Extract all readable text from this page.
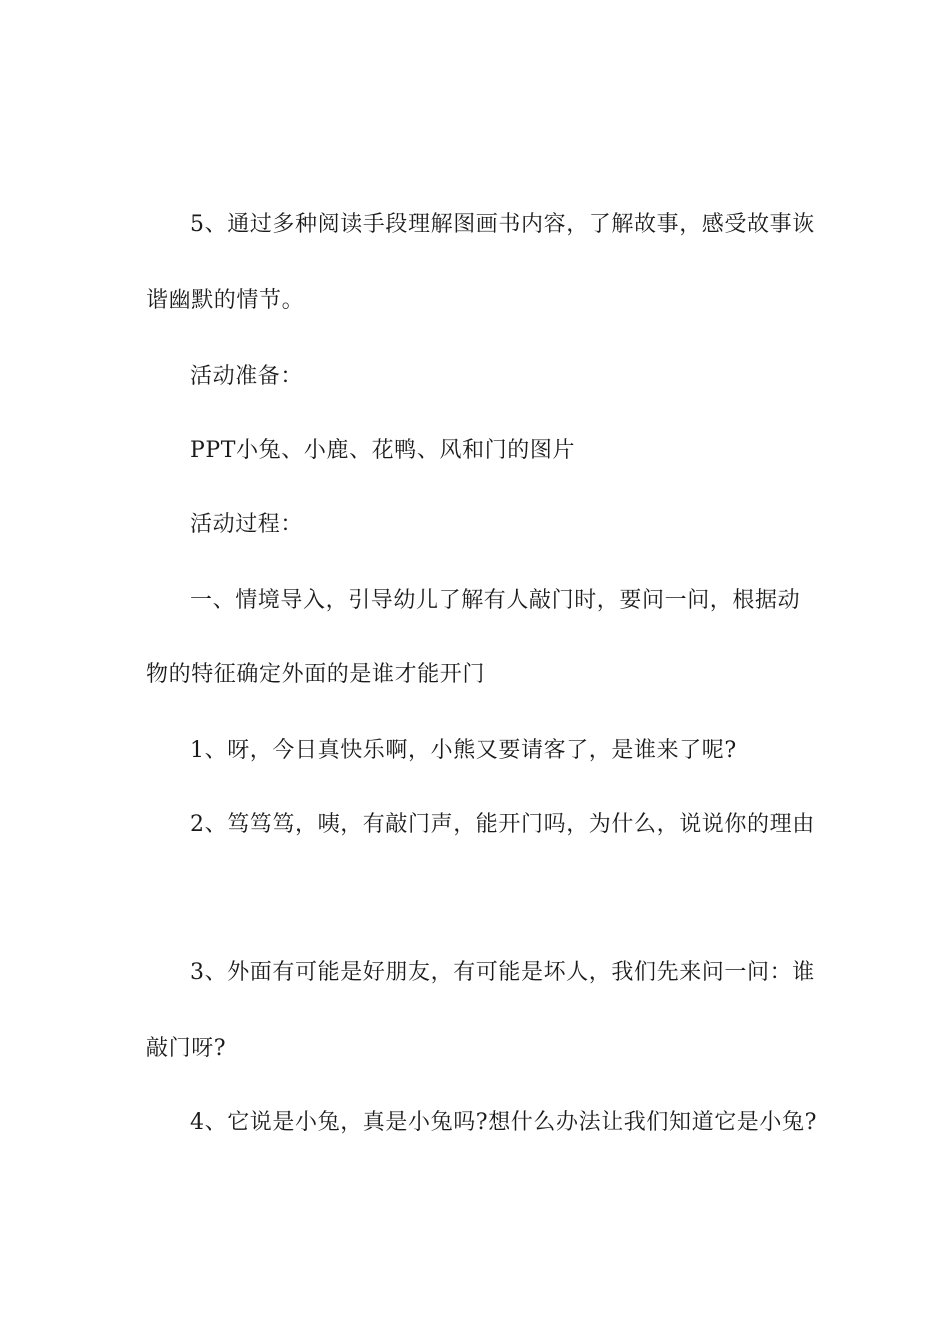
5、通过多种阅读手段理解图画书内容，了解故事，感受故事诙
谐幽默的情节。
活动准备：
PPT小兔、小鹿、花鸭、风和门的图片
活动过程：
一、情境导入，引导幼儿了解有人敲门时，要问一问，根据动
物的特征确定外面的是谁才能开门
1、呀，今日真快乐啊，小熊又要请客了，是谁来了呢?
2、笃笃笃，咦，有敲门声，能开门吗，为什么，说说你的理由
3、外面有可能是好朋友，有可能是坏人，我们先来问一问：谁
敲门呀?
4、它说是小兔，真是小兔吗?想什么办法让我们知道它是小兔?
